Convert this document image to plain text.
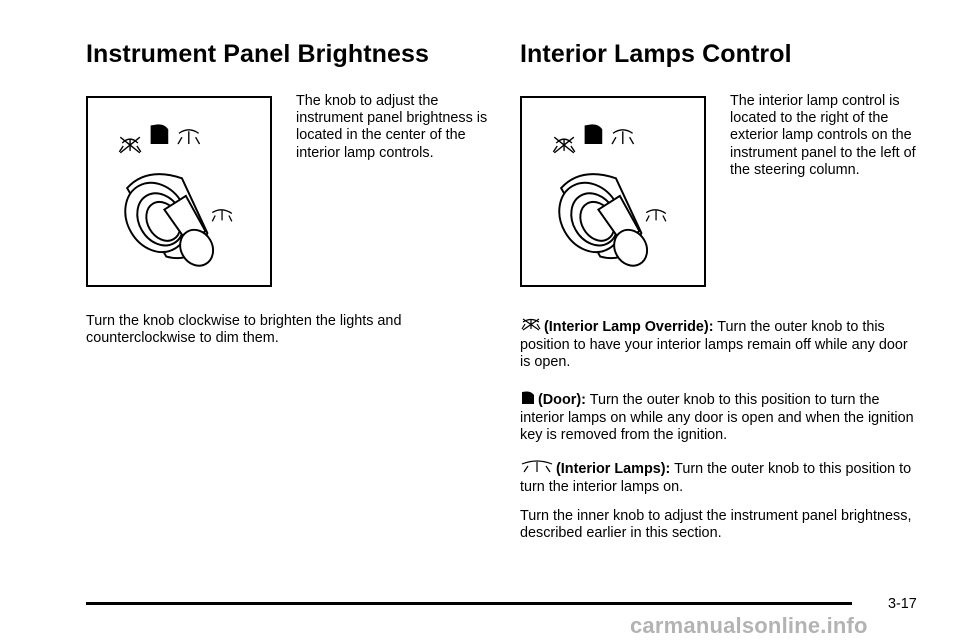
Instrument Panel Brightness

The knob to adjust the instrument panel brightness is located in the center of the interior lamp controls.

Turn the knob clockwise to brighten the lights and counterclockwise to dim them.

Interior Lamps Control

The interior lamp control is located to the right of the exterior lamp controls on the instrument panel to the left of the steering column.

(Interior Lamp Override): Turn the outer knob to this position to have your interior lamps remain off while any door is open.

(Door): Turn the outer knob to this position to turn the interior lamps on while any door is open and when the ignition key is removed from the ignition.

(Interior Lamps): Turn the outer knob to this position to turn the interior lamps on.

Turn the inner knob to adjust the instrument panel brightness, described earlier in this section.

3-17
carmanualsonline.info
